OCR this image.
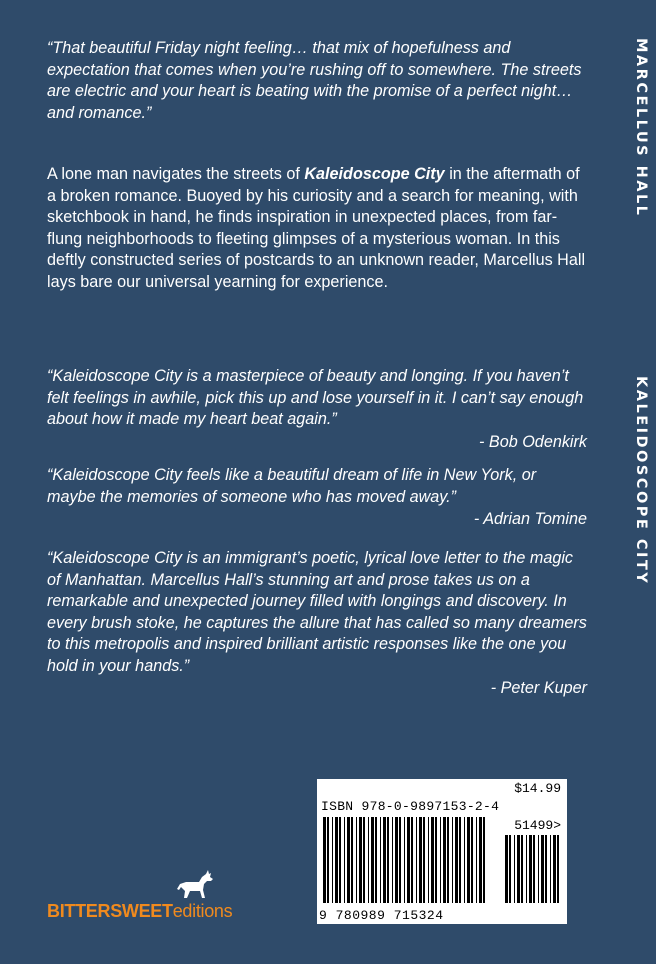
MARCELLUS HALL
KALEIDOSCOPE CITY

“That beautiful Friday night feeling… that mix of hopefulness and expectation that comes when you’re rushing off to somewhere. The streets are electric and your heart is beating with the promise of a perfect night…and romance.”

A lone man navigates the streets of Kaleidoscope City in the aftermath of a broken romance. Buoyed by his curiosity and a search for meaning, with sketchbook in hand, he finds inspiration in unexpected places, from far-flung neighborhoods to fleeting glimpses of a mysterious woman. In this deftly constructed series of postcards to an unknown reader, Marcellus Hall lays bare our universal yearning for experience.

“Kaleidoscope City is a masterpiece of beauty and longing. If you haven’t felt feelings in awhile, pick this up and lose yourself in it. I can’t say enough about how it made my heart beat again.”

- Bob Odenkirk

“Kaleidoscope City feels like a beautiful dream of life in New York, or maybe the memories of someone who has moved away.”

- Adrian Tomine

“Kaleidoscope City is an immigrant’s poetic, lyrical love letter to the magic of Manhattan. Marcellus Hall’s stunning art and prose takes us on a remarkable and unexpected journey filled with longings and discovery. In every brush stoke, he captures the allure that has called so many dreamers to this metropolis and inspired brilliant artistic responses like the one you hold in your hands.”

- Peter Kuper

$14.99
ISBN 978-0-9897153-2-4
51499>
9 780989 715324
BITTERSWEETeditions
